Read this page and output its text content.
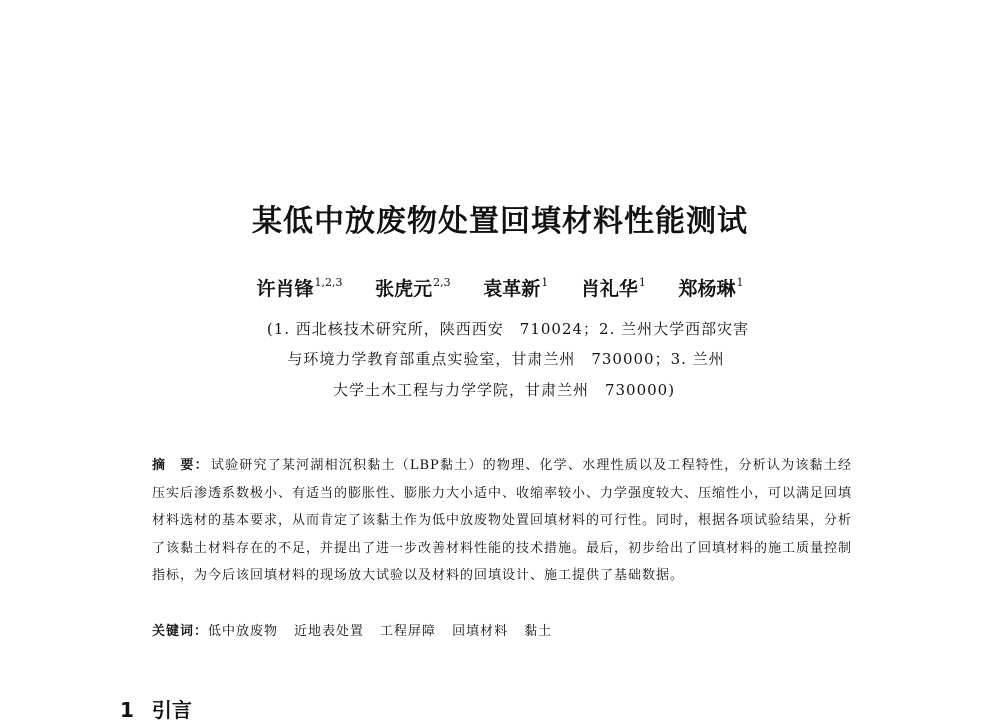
某低中放废物处置回填材料性能测试
许肖锋$^{1,2,3}$ 张虎元$^{2,3}$ 袁革新$^1$ 肖礼华$^1$ 郑杨琳$^1$
(1. 西北核技术研究所，陕西西安　710024；2. 兰州大学西部灾害
与环境力学教育部重点实验室，甘肃兰州　730000；3. 兰州
大学土木工程与力学学院，甘肃兰州　730000)
摘　要： 试验研究了某河湖相沉积黏土（LBP黏土）的物理、化学、水理性质以及工程特性，分析认为该黏土经压实后渗透系数极小、有适当的膨胀性、膨胀力大小适中、收缩率较小、力学强度较大、压缩性小，可以满足回填材料选材的基本要求，从而肯定了该黏土作为低中放废物处置回填材料的可行性。同时，根据各项试验结果，分析了该黏土材料存在的不足，并提出了进一步改善材料性能的技术措施。最后，初步给出了回填材料的施工质量控制指标，为今后该回填材料的现场放大试验以及材料的回填设计、施工提供了基础数据。
关键词：低中放废物 近地表处置 工程屏障 回填材料 黏土
1 引言
